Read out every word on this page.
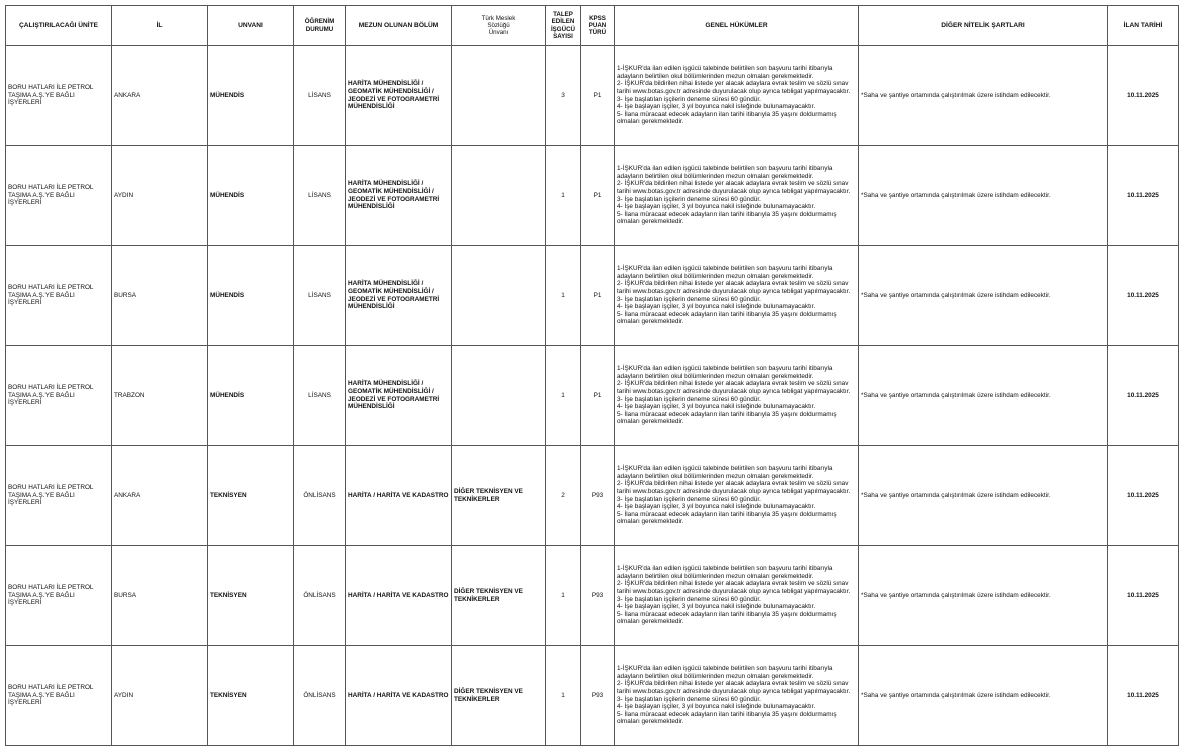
ÇALIŞTIRILACAĞI ÜNİTE	İL	UNVANI	ÖĞRENİM DURUMU	MEZUN OLUNAN BÖLÜM	Türk Meslek Sözlüğü Ünvanı	TALEP EDİLEN İŞGÜCÜ SAYISI	KPSS PUAN TÜRÜ	GENEL HÜKÜMLER	DİĞER NİTELİK ŞARTLARI	İLAN TARİHİ
BORU HATLARI İLE PETROL TAŞIMA A.Ş.'YE BAĞLI İŞYERLERİ	ANKARA	MÜHENDİS	LİSANS	HARİTA MÜHENDİSLİĞİ / GEOMATİK MÜHENDİSLİĞİ / JEODEZİ VE FOTOGRAMETRİ MÜHENDİSLİĞİ		3	P1	1-İŞKUR'da ilan edilen işgücü talebinde belirtilen son başvuru tarihi itibarıyla adayların belirtilen okul bölümlerinden mezun olmaları gerekmektedir.
2- İŞKUR'da bildirilen nihai listede yer alacak adaylara evrak teslim ve sözlü sınav tarihi www.botas.gov.tr adresinde duyurulacak olup ayrıca tebligat yapılmayacaktır.
3- İşe başlatılan işçilerin deneme süresi 60 gündür.
4- İşe başlayan işçiler, 3 yıl boyunca nakil isteğinde bulunamayacaktır.
5- İlana müracaat edecek adayların ilan tarihi itibarıyla 35 yaşını doldurmamış olmaları gerekmektedir.	*Saha ve şantiye ortamında çalıştırılmak üzere istihdam edilecektir.	10.11.2025
BORU HATLARI İLE PETROL TAŞIMA A.Ş.'YE BAĞLI İŞYERLERİ	AYDIN	MÜHENDİS	LİSANS	HARİTA MÜHENDİSLİĞİ / GEOMATİK MÜHENDİSLİĞİ / JEODEZİ VE FOTOGRAMETRİ MÜHENDİSLİĞİ		1	P1	1-İŞKUR'da ilan edilen işgücü talebinde belirtilen son başvuru tarihi itibarıyla adayların belirtilen okul bölümlerinden mezun olmaları gerekmektedir.
2- İŞKUR'da bildirilen nihai listede yer alacak adaylara evrak teslim ve sözlü sınav tarihi www.botas.gov.tr adresinde duyurulacak olup ayrıca tebligat yapılmayacaktır.
3- İşe başlatılan işçilerin deneme süresi 60 gündür.
4- İşe başlayan işçiler, 3 yıl boyunca nakil isteğinde bulunamayacaktır.
5- İlana müracaat edecek adayların ilan tarihi itibarıyla 35 yaşını doldurmamış olmaları gerekmektedir.	*Saha ve şantiye ortamında çalıştırılmak üzere istihdam edilecektir.	10.11.2025
BORU HATLARI İLE PETROL TAŞIMA A.Ş.'YE BAĞLI İŞYERLERİ	BURSA	MÜHENDİS	LİSANS	HARİTA MÜHENDİSLİĞİ / GEOMATİK MÜHENDİSLİĞİ / JEODEZİ VE FOTOGRAMETRİ MÜHENDİSLİĞİ		1	P1	1-İŞKUR'da ilan edilen işgücü talebinde belirtilen son başvuru tarihi itibarıyla adayların belirtilen okul bölümlerinden mezun olmaları gerekmektedir.
2- İŞKUR'da bildirilen nihai listede yer alacak adaylara evrak teslim ve sözlü sınav tarihi www.botas.gov.tr adresinde duyurulacak olup ayrıca tebligat yapılmayacaktır.
3- İşe başlatılan işçilerin deneme süresi 60 gündür.
4- İşe başlayan işçiler, 3 yıl boyunca nakil isteğinde bulunamayacaktır.
5- İlana müracaat edecek adayların ilan tarihi itibarıyla 35 yaşını doldurmamış olmaları gerekmektedir.	*Saha ve şantiye ortamında çalıştırılmak üzere istihdam edilecektir.	10.11.2025
BORU HATLARI İLE PETROL TAŞIMA A.Ş.'YE BAĞLI İŞYERLERİ	TRABZON	MÜHENDİS	LİSANS	HARİTA MÜHENDİSLİĞİ / GEOMATİK MÜHENDİSLİĞİ / JEODEZİ VE FOTOGRAMETRİ MÜHENDİSLİĞİ		1	P1	1-İŞKUR'da ilan edilen işgücü talebinde belirtilen son başvuru tarihi itibarıyla adayların belirtilen okul bölümlerinden mezun olmaları gerekmektedir.
2- İŞKUR'da bildirilen nihai listede yer alacak adaylara evrak teslim ve sözlü sınav tarihi www.botas.gov.tr adresinde duyurulacak olup ayrıca tebligat yapılmayacaktır.
3- İşe başlatılan işçilerin deneme süresi 60 gündür.
4- İşe başlayan işçiler, 3 yıl boyunca nakil isteğinde bulunamayacaktır.
5- İlana müracaat edecek adayların ilan tarihi itibarıyla 35 yaşını doldurmamış olmaları gerekmektedir.	*Saha ve şantiye ortamında çalıştırılmak üzere istihdam edilecektir.	10.11.2025
BORU HATLARI İLE PETROL TAŞIMA A.Ş.'YE BAĞLI İŞYERLERİ	ANKARA	TEKNİSYEN	ÖNLİSANS	HARİTA / HARİTA VE KADASTRO	DİĞER TEKNİSYEN VE TEKNİKERLER	2	P93	1-İŞKUR'da ilan edilen işgücü talebinde belirtilen son başvuru tarihi itibarıyla adayların belirtilen okul bölümlerinden mezun olmaları gerekmektedir.
2- İŞKUR'da bildirilen nihai listede yer alacak adaylara evrak teslim ve sözlü sınav tarihi www.botas.gov.tr adresinde duyurulacak olup ayrıca tebligat yapılmayacaktır.
3- İşe başlatılan işçilerin deneme süresi 60 gündür.
4- İşe başlayan işçiler, 3 yıl boyunca nakil isteğinde bulunamayacaktır.
5- İlana müracaat edecek adayların ilan tarihi itibarıyla 35 yaşını doldurmamış olmaları gerekmektedir.	*Saha ve şantiye ortamında çalıştırılmak üzere istihdam edilecektir.	10.11.2025
BORU HATLARI İLE PETROL TAŞIMA A.Ş.'YE BAĞLI İŞYERLERİ	BURSA	TEKNİSYEN	ÖNLİSANS	HARİTA / HARİTA VE KADASTRO	DİĞER TEKNİSYEN VE TEKNİKERLER	1	P93	1-İŞKUR'da ilan edilen işgücü talebinde belirtilen son başvuru tarihi itibarıyla adayların belirtilen okul bölümlerinden mezun olmaları gerekmektedir.
2- İŞKUR'da bildirilen nihai listede yer alacak adaylara evrak teslim ve sözlü sınav tarihi www.botas.gov.tr adresinde duyurulacak olup ayrıca tebligat yapılmayacaktır.
3- İşe başlatılan işçilerin deneme süresi 60 gündür.
4- İşe başlayan işçiler, 3 yıl boyunca nakil isteğinde bulunamayacaktır.
5- İlana müracaat edecek adayların ilan tarihi itibarıyla 35 yaşını doldurmamış olmaları gerekmektedir.	*Saha ve şantiye ortamında çalıştırılmak üzere istihdam edilecektir.	10.11.2025
BORU HATLARI İLE PETROL TAŞIMA A.Ş.'YE BAĞLI İŞYERLERİ	AYDIN	TEKNİSYEN	ÖNLİSANS	HARİTA / HARİTA VE KADASTRO	DİĞER TEKNİSYEN VE TEKNİKERLER	1	P93	1-İŞKUR'da ilan edilen işgücü talebinde belirtilen son başvuru tarihi itibarıyla adayların belirtilen okul bölümlerinden mezun olmaları gerekmektedir.
2- İŞKUR'da bildirilen nihai listede yer alacak adaylara evrak teslim ve sözlü sınav tarihi www.botas.gov.tr adresinde duyurulacak olup ayrıca tebligat yapılmayacaktır.
3- İşe başlatılan işçilerin deneme süresi 60 gündür.
4- İşe başlayan işçiler, 3 yıl boyunca nakil isteğinde bulunamayacaktır.
5- İlana müracaat edecek adayların ilan tarihi itibarıyla 35 yaşını doldurmamış olmaları gerekmektedir.	*Saha ve şantiye ortamında çalıştırılmak üzere istihdam edilecektir.	10.11.2025
